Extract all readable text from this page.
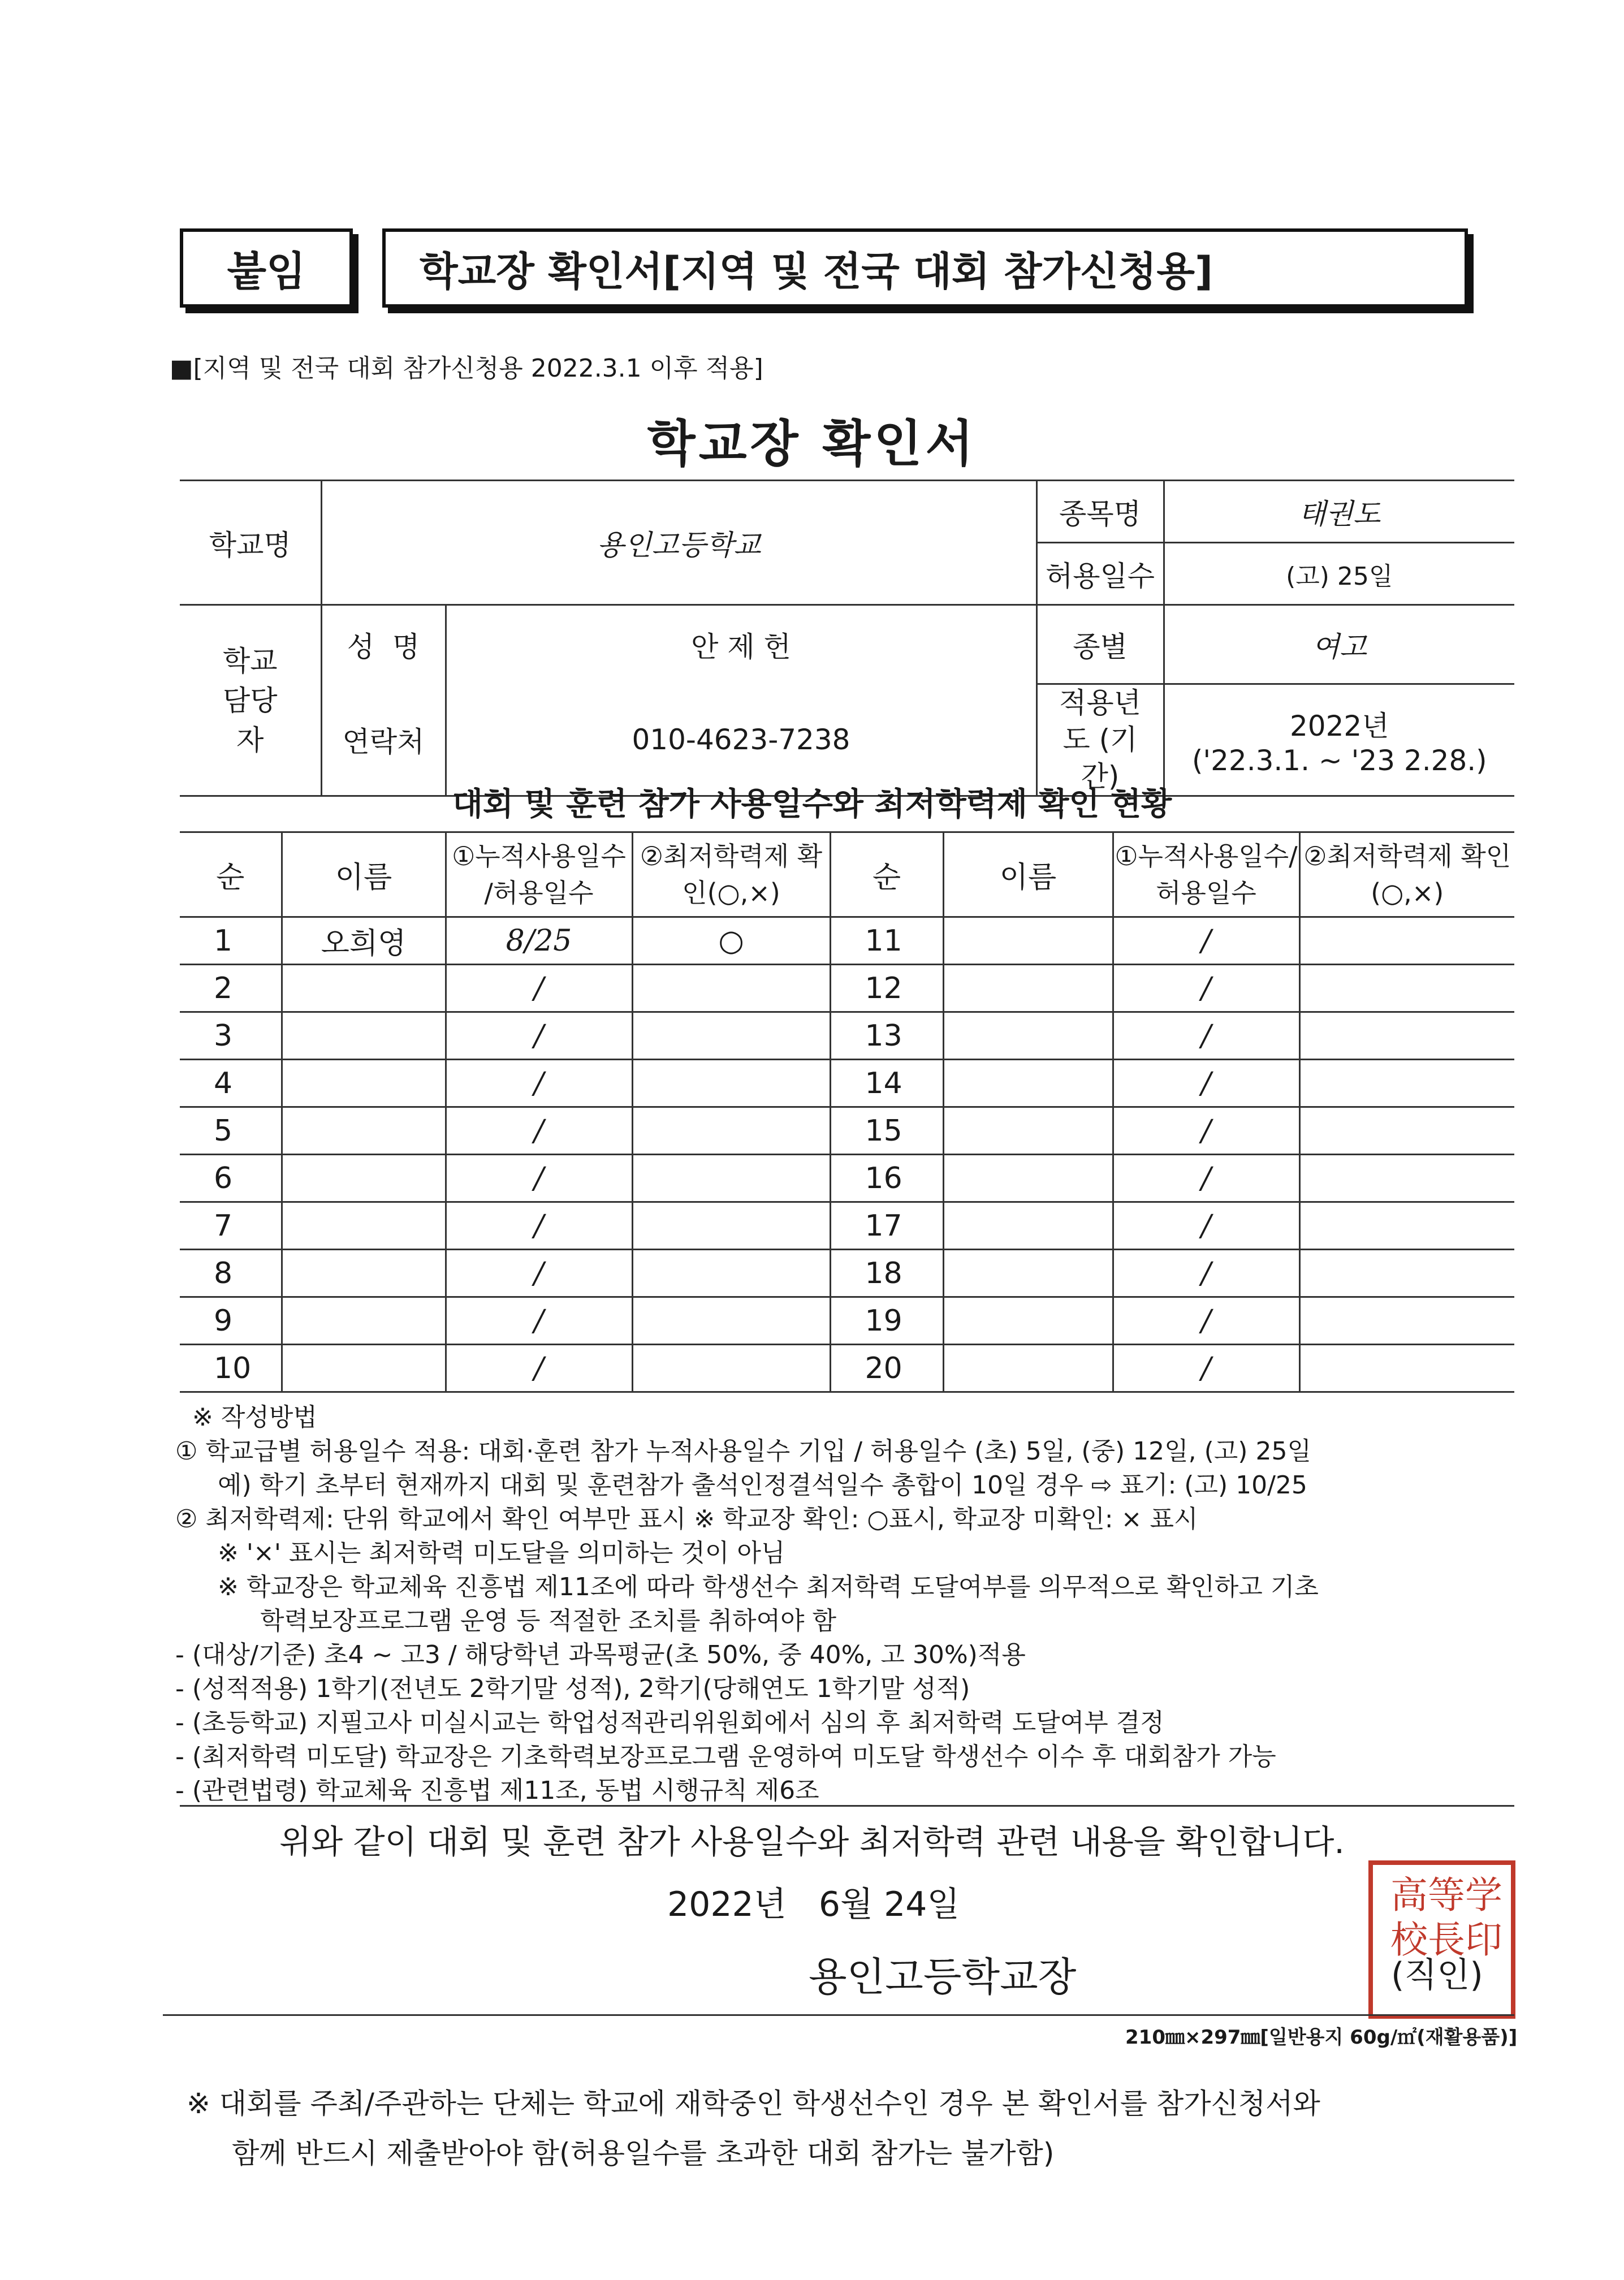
붙임	학교장 확인서[지역 및 전국 대회 참가신청용]
■[지역 및 전국 대회 참가신청용 2022.3.1 이후 적용]
학교장 확인서
학교명	용인고등학교		종목명	태권도
			허용일수	(고) 25일
학교 담당자	성  명	안 제 헌	종별	여고
	연락처	010-4623-7238	적용년도 (기간)	2022년
('22.3.1. ~ '23 2.28.)
대회 및 훈련 참가 사용일수와 최저학력제 확인 현황
순	이름	①누적사용일수 /허용일수	②최저학력제 확인(○,×)	순	이름	①누적사용일수/ 허용일수	②최저학력제 확인(○,×)
1	오희영	8/25	○	11		/	
2		/		12		/	
3		/		13		/	
4		/		14		/	
5		/		15		/	
6		/		16		/	
7		/		17		/	
8		/		18		/	
9		/		19		/	
10		/		20		/	
※ 작성방법
① 학교급별 허용일수 적용: 대회·훈련 참가 누적사용일수 기입 / 허용일수 (초) 5일, (중) 12일, (고) 25일
예) 학기 초부터 현재까지 대회 및 훈련참가 출석인정결석일수 총합이 10일 경우 ⇨ 표기: (고) 10/25
② 최저학력제: 단위 학교에서 확인 여부만 표시 ※ 학교장 확인: ○표시, 학교장 미확인: × 표시
※ '×' 표시는 최저학력 미도달을 의미하는 것이 아님
※ 학교장은 학교체육 진흥법 제11조에 따라 학생선수 최저학력 도달여부를 의무적으로 확인하고 기초
학력보장프로그램 운영 등 적절한 조치를 취하여야 함
- (대상/기준) 초4 ~ 고3 / 해당학년 과목평균(초 50%, 중 40%, 고 30%)적용
- (성적적용) 1학기(전년도 2학기말 성적), 2학기(당해연도 1학기말 성적)
- (초등학교) 지필고사 미실시교는 학업성적관리위원회에서 심의 후 최저학력 도달여부 결정
- (최저학력 미도달) 학교장은 기초학력보장프로그램 운영하여 미도달 학생선수 이수 후 대회참가 가능
- (관련법령) 학교체육 진흥법 제11조, 동법 시행규칙 제6조
위와 같이 대회 및 훈련 참가 사용일수와 최저학력 관련 내용을 확인합니다.
2022년   6월 24일
용인고등학교장
高等学校長印
(직인)
210㎜×297㎜[일반용지 60g/㎡(재활용품)]
※ 대회를 주최/주관하는 단체는 학교에 재학중인 학생선수인 경우 본 확인서를 참가신청서와
함께 반드시 제출받아야 함(허용일수를 초과한 대회 참가는 불가함)
